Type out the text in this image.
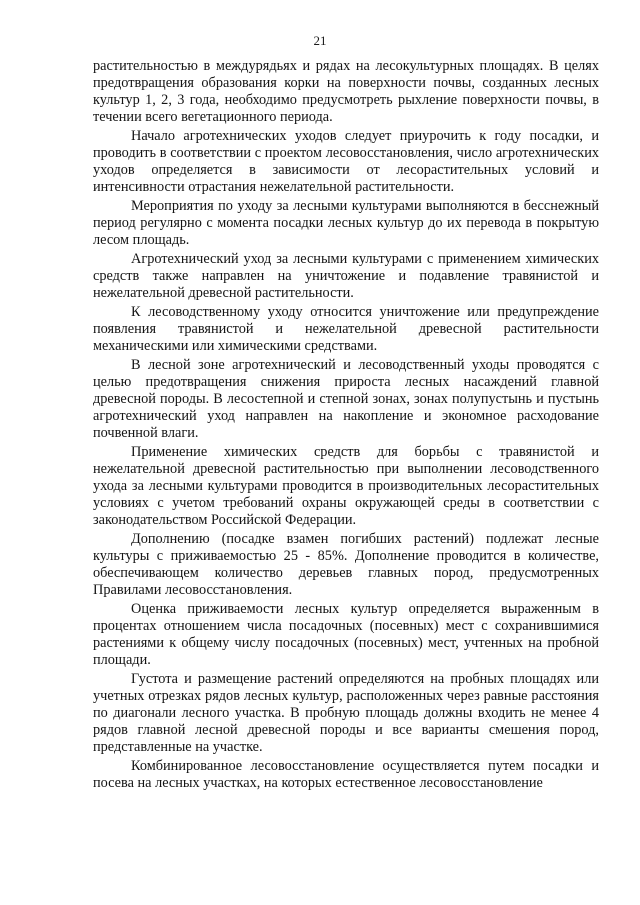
21

растительностью в междурядьях и рядах на лесокультурных площадях. В целях предотвращения образования корки на поверхности почвы, созданных лесных культур 1, 2, 3 года, необходимо предусмотреть рыхление поверхности почвы, в течении всего вегетационного периода.

Начало агротехнических уходов следует приурочить к году посадки, и проводить в соответствии с проектом лесовосстановления, число агротехнических уходов определяется в зависимости от лесорастительных условий и интенсивности отрастания нежелательной растительности.

Мероприятия по уходу за лесными культурами выполняются в бесснежный период регулярно с момента посадки лесных культур до их перевода в покрытую лесом площадь.

Агротехнический уход за лесными культурами с применением химических средств также направлен на уничтожение и подавление травянистой и нежелательной древесной растительности.

К лесоводственному уходу относится уничтожение или предупреждение появления травянистой и нежелательной древесной растительности механическими или химическими средствами.

В лесной зоне агротехнический и лесоводственный уходы проводятся с целью предотвращения снижения прироста лесных насаждений главной древесной породы. В лесостепной и степной зонах, зонах полупустынь и пустынь агротехнический уход направлен на накопление и экономное расходование почвенной влаги.

Применение химических средств для борьбы с травянистой и нежелательной древесной растительностью при выполнении лесоводственного ухода за лесными культурами проводится в производительных лесорастительных условиях с учетом требований охраны окружающей среды в соответствии с законодательством Российской Федерации.

Дополнению (посадке взамен погибших растений) подлежат лесные культуры с приживаемостью 25 - 85%. Дополнение проводится в количестве, обеспечивающем количество деревьев главных пород, предусмотренных Правилами лесовосстановления.

Оценка приживаемости лесных культур определяется выраженным в процентах отношением числа посадочных (посевных) мест с сохранившимися растениями к общему числу посадочных (посевных) мест, учтенных на пробной площади.

Густота и размещение растений определяются на пробных площадях или учетных отрезках рядов лесных культур, расположенных через равные расстояния по диагонали лесного участка. В пробную площадь должны входить не менее 4 рядов главной лесной древесной породы и все варианты смешения пород, представленные на участке.

Комбинированное лесовосстановление осуществляется путем посадки и посева на лесных участках, на которых естественное лесовосстановление
